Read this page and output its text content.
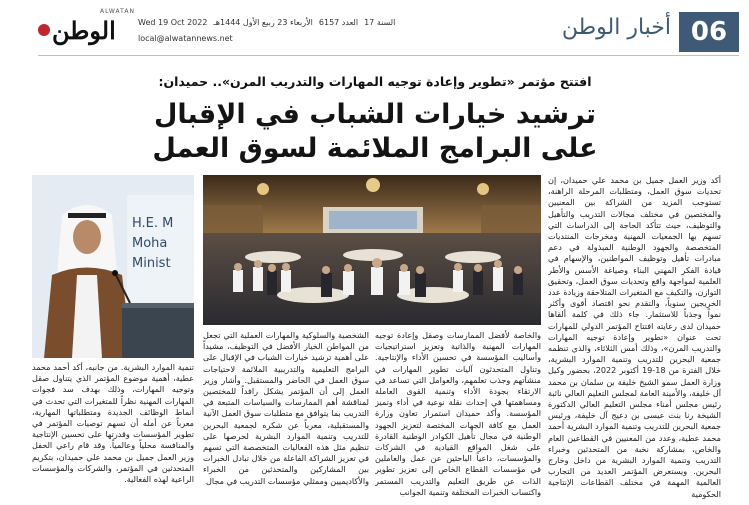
06
أخبار الوطن
ALWATAN
الوطن	Wed 19 Oct 2022 الأربعاء 23 ربيع الأول 1444هـ العدد 6157 السنة 17
local@alwatannews.net
افتتح مؤتمر «تطوير وإعادة توجيه المهارات والتدريب المرن».. حميدان:
ترشيد خيارات الشباب في الإقبال
على البرامج الملائمة لسوق العمل
H.E. M
Moha
Minist

أكد وزير العمل جميل بن محمد علي حميدان، إن تحديات سوق العمل، ومتطلبات المرحلة الراهنة، تستوجب المزيد من الشراكة بين المعنيين والمختصين في مختلف مجالات التدريب والتأهيل والتوظيف، حيث تتأكد الحاجة إلى الدراسات التي تسهم بها الجمعيات المهنية ومخرجات المنتديات المتخصصة والجهود الوطنية المبذولة في دعم مبادرات تأهيل وتوظيف المواطنين، والإسهام في قيادة الفكر المهني البناء وصياغة الأسس والأطر العلمية لمواجهة واقع وتحديات سوق العمل، وتحقيق التوازن، والتكيف مع المتغيرات المتلاحقة وزيادة عدد الخريجين سنوياً، والتقدم نحو اقتصاد أقوى وأكثر نمواً وجذباً للاستثمار. جاء ذلك في كلمة ألقاها حميدان لدى رعايته افتتاح المؤتمر الدولي للمهارات تحت عنوان «تطوير وإعادة توجيه المهارات والتدريب المرن»، وذلك أمس الثلاثاء، والذي تنظمه جمعية البحرين للتدريب وتنمية الموارد البشرية، خلال الفترة من 18-19 أكتوبر 2022، بحضور وكيل وزارة العمل سمو الشيخ خليفة بن سلمان بن محمد آل خليفة، والأمينة العامة لمجلس التعليم العالي نائبة رئيس مجلس أمناء مجلس التعليم العالي الدكتورة الشيخة رنا بنت عيسى بن دعيج آل خليفة، ورئيس جمعية البحرين للتدريب وتنمية الموارد البشرية أحمد محمد عطية، وعدد من المعنيين في القطاعين العام والخاص، بمشاركة نخبة من المتحدثين وخبراء التدريب وتنمية الموارد البشرية من داخل وخارج البحرين. ويستعرض المؤتمر العديد من التجارب العالمية المهمة في مختلف القطاعات الإنتاجية الحكومية

والخاصة لأفضل الممارسات وصقل وإعادة توجيه المهارات المهنية والذاتية وتعزيز استراتيجيات وأساليب المؤسسة في تحسين الأداء والإنتاجية. وتناول المتحدثون آليات تطوير المهارات في منشآتهم وجذب تعلمهم، والعوامل التي تساعد في الارتقاء بجودة الأداء وتنمية القوى العاملة ومساهمتها في إحداث نقلة نوعية في أداء وتميز المؤسسة. وأكد حميدان استمرار تعاون وزارة العمل مع كافة الجهات المختصة لتعزيز الجهود الوطنية في مجال تأهيل الكوادر الوطنية القادرة على شغل المواقع القيادية في الشركات والمؤسسات، داعياً الباحثين عن عمل والعاملين في مؤسسات القطاع الخاص إلى تعزيز تطوير الذات عن طريق التعليم والتدريب المستمر واكتساب الخبرات المختلفة وتنمية الجوانب

الشخصية والسلوكية والمهارات العملية التي تجعل من المواطن الخيار الأفضل في التوظيف، مشيداً على أهمية ترشيد خيارات الشباب في الإقبال على البرامج التعليمية والتدريبية الملائمة لاحتياجات سوق العمل في الحاضر والمستقبل. وأشار وزير العمل إلى أن المؤتمر يشكل رافداً للمختصين لمناقشة أهم الممارسات والسياسات المتبعة في التدريب بما يتوافق مع متطلبات سوق العمل الآنية والمستقبلية، معرباً عن شكره لجمعية البحرين للتدريب وتنمية الموارد البشرية لحرصها على تنظيم مثل هذه الفعاليات المتخصصة التي تسهم في تعزيز الشراكة الفاعلة من خلال تبادل الخبرات بين المشاركين والمتحدثين من الخبراء والأكاديميين وممثلي مؤسسات التدريب في مجال

تنمية الموارد البشرية. من جانبه، أكد أحمد محمد عطية، أهمية موضوع المؤتمر الذي يتناول صقل وتوجيه المهارات، وذلك بهدف سد فجوات المهارات المهنية نظراً للمتغيرات التي تحدث في أنماط الوظائف الجديدة ومتطلباتها المهارية، معرباً عن أمله أن تسهم توصيات المؤتمر في تطوير المؤسسات وقدرتها على تحسين الإنتاجية والمنافسة محلياً وعالمياً. وقد قام راعي الحفل وزير العمل جميل بن محمد علي حميدان، بتكريم المتحدثين في المؤتمر، والشركات والمؤسسات الراعية لهذه الفعالية.
